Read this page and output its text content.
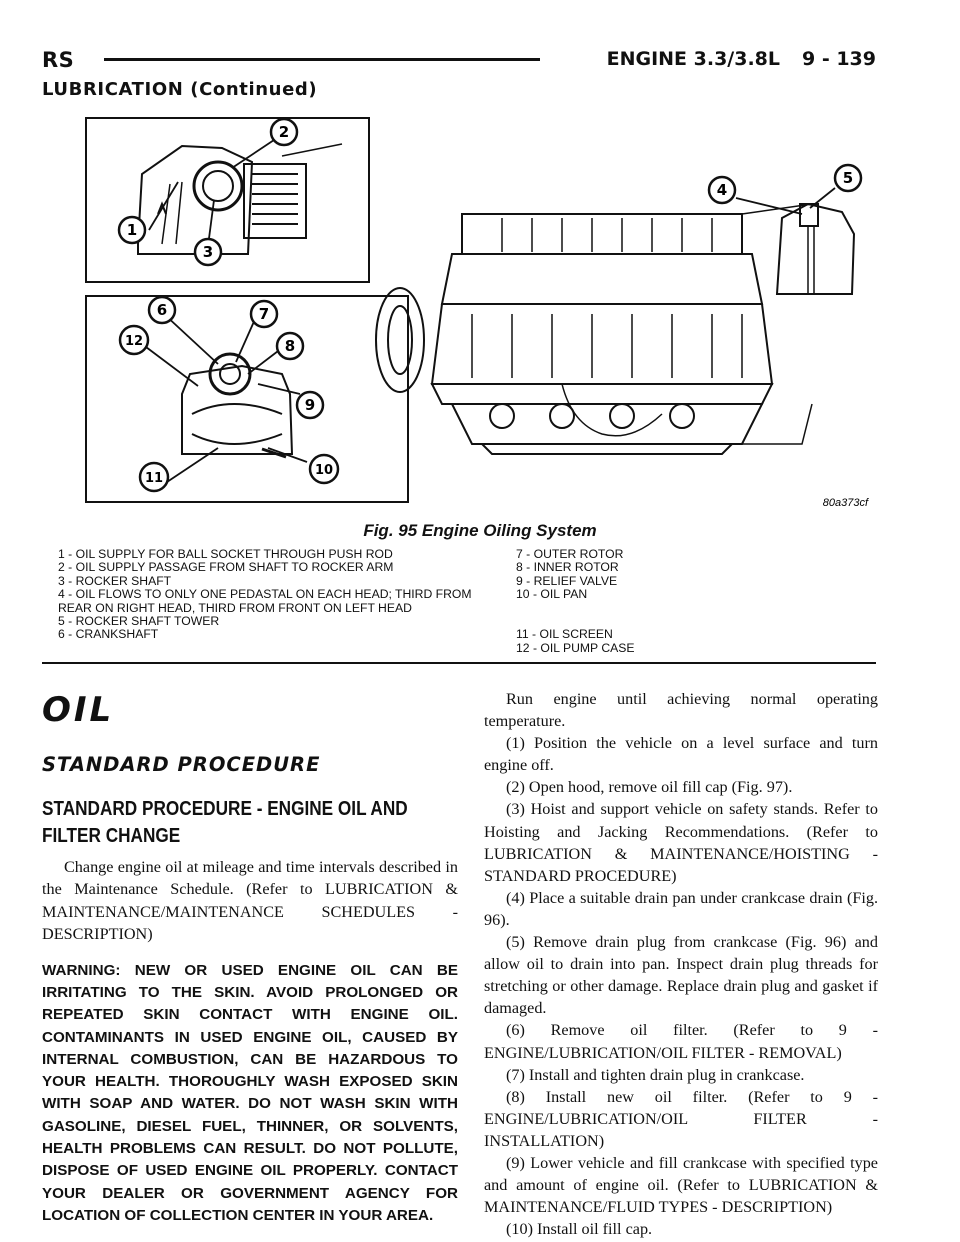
RS	ENGINE 3.3/3.8L 9 - 139
LUBRICATION (Continued)
1
2
3
4
5
6	7
8
9
10
11
12
80a373cf
Fig. 95 Engine Oiling System
1 - OIL SUPPLY FOR BALL SOCKET THROUGH PUSH ROD
2 - OIL SUPPLY PASSAGE FROM SHAFT TO ROCKER ARM
3 - ROCKER SHAFT
4 - OIL FLOWS TO ONLY ONE PEDASTAL ON EACH HEAD; THIRD FROM REAR ON RIGHT HEAD, THIRD FROM FRONT ON LEFT HEAD
5 - ROCKER SHAFT TOWER
6 - CRANKSHAFT
7 - OUTER ROTOR
8 - INNER ROTOR
9 - RELIEF VALVE
10 - OIL PAN
11 - OIL SCREEN
12 - OIL PUMP CASE
OIL
STANDARD PROCEDURE
STANDARD PROCEDURE - ENGINE OIL AND
FILTER CHANGE

Change engine oil at mileage and time intervals described in the Maintenance Schedule. (Refer to LUBRICATION & MAINTENANCE/MAINTENANCE SCHEDULES - DESCRIPTION)

WARNING: NEW OR USED ENGINE OIL CAN BE IRRITATING TO THE SKIN. AVOID PROLONGED OR REPEATED SKIN CONTACT WITH ENGINE OIL. CONTAMINANTS IN USED ENGINE OIL, CAUSED BY INTERNAL COMBUSTION, CAN BE HAZARDOUS TO YOUR HEALTH. THOROUGHLY WASH EXPOSED SKIN WITH SOAP AND WATER. DO NOT WASH SKIN WITH GASOLINE, DIESEL FUEL, THINNER, OR SOLVENTS, HEALTH PROBLEMS CAN RESULT. DO NOT POLLUTE, DISPOSE OF USED ENGINE OIL PROPERLY. CONTACT YOUR DEALER OR GOVERNMENT AGENCY FOR LOCATION OF COLLECTION CENTER IN YOUR AREA.

Run engine until achieving normal operating temperature.

(1) Position the vehicle on a level surface and turn engine off.

(2) Open hood, remove oil fill cap (Fig. 97).

(3) Hoist and support vehicle on safety stands. Refer to Hoisting and Jacking Recommendations. (Refer to LUBRICATION & MAINTENANCE/HOISTING - STANDARD PROCEDURE)

(4) Place a suitable drain pan under crankcase drain (Fig. 96).

(5) Remove drain plug from crankcase (Fig. 96) and allow oil to drain into pan. Inspect drain plug threads for stretching or other damage. Replace drain plug and gasket if damaged.

(6) Remove oil filter. (Refer to 9 - ENGINE/LUBRICATION/OIL FILTER - REMOVAL)

(7) Install and tighten drain plug in crankcase.

(8) Install new oil filter. (Refer to 9 - ENGINE/LUBRICATION/OIL FILTER - INSTALLATION)

(9) Lower vehicle and fill crankcase with specified type and amount of engine oil. (Refer to LUBRICATION & MAINTENANCE/FLUID TYPES - DESCRIPTION)

(10) Install oil fill cap.
